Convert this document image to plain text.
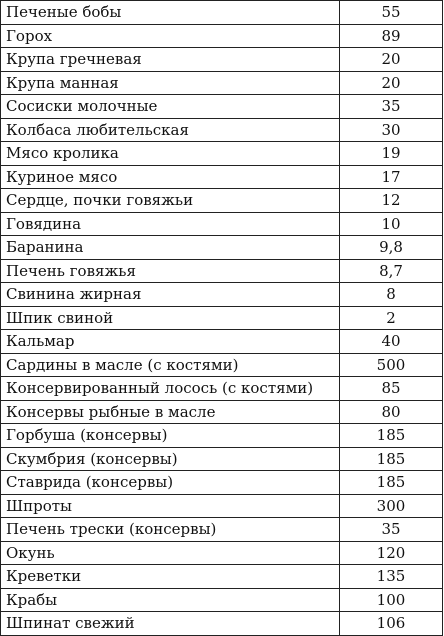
Печеные бобы	55
Горох	89
Крупа гречневая	20
Крупа манная	20
Сосиски молочные	35
Колбаса любительская	30
Мясо кролика	19
Куриное мясо	17
Сердце, почки говяжьи	12
Говядина	10
Баранина	9,8
Печень говяжья	8,7
Свинина жирная	8
Шпик свиной	2
Кальмар	40
Сардины в масле (с костями)	500
Консервированный лосось (с костями)	85
Консервы рыбные в масле	80
Горбуша (консервы)	185
Скумбрия (консервы)	185
Ставрида (консервы)	185
Шпроты	300
Печень трески (консервы)	35
Окунь	120
Креветки	135
Крабы	100
Шпинат свежий	106
